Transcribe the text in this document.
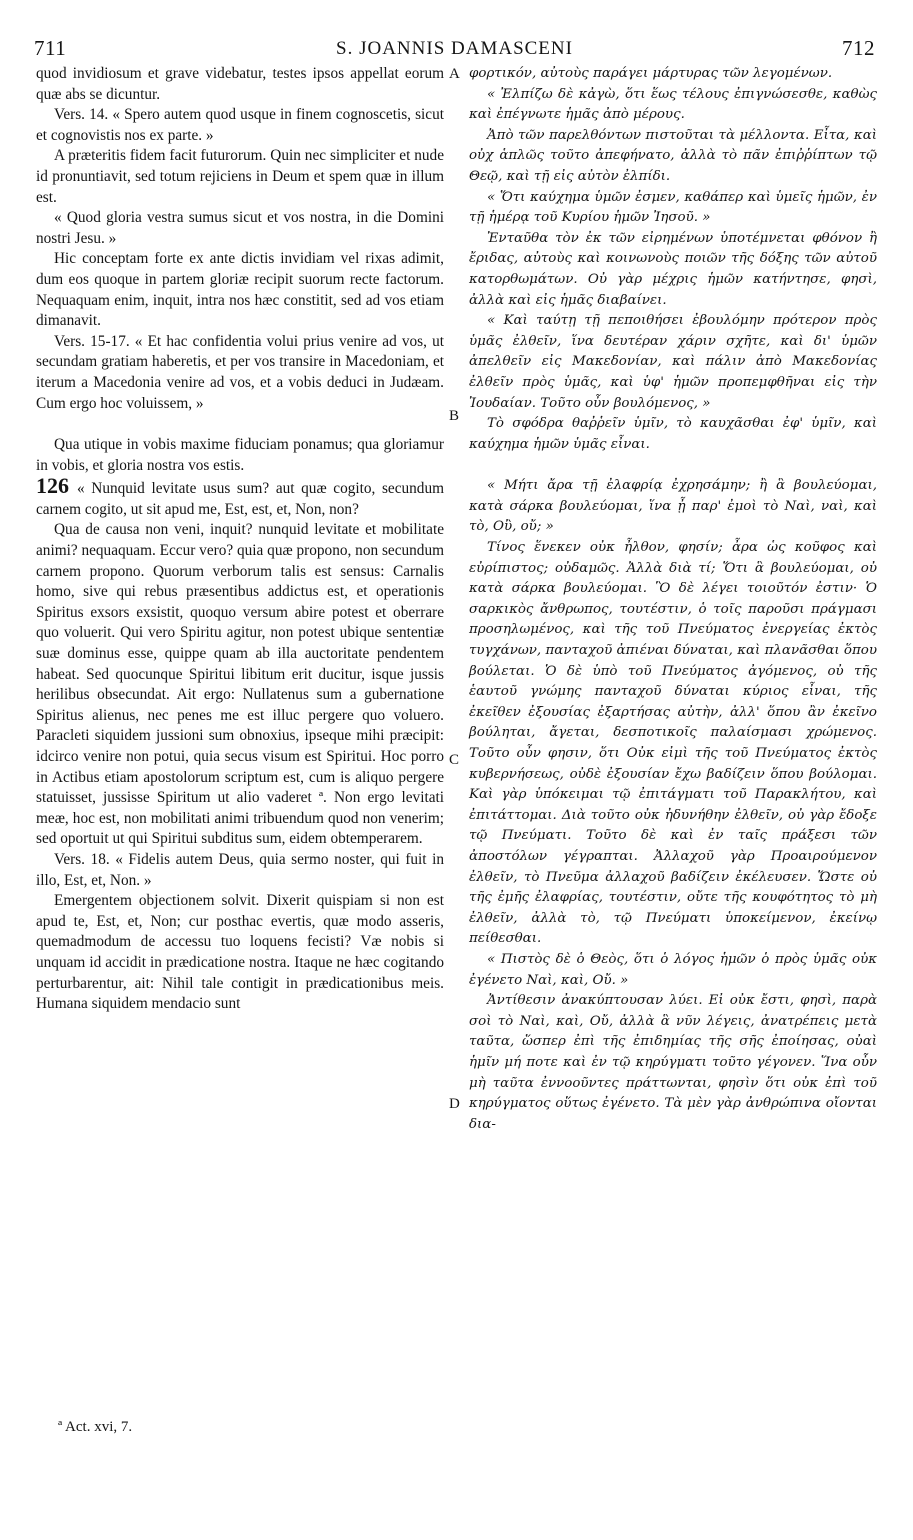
711	S. JOANNIS DAMASCENI	712

quod invidiosum et grave videbatur, testes ipsos appellat eorum quæ abs se dicuntur.

Vers. 14. « Spero autem quod usque in finem cognoscetis, sicut et cognovistis nos ex parte. »

A præteritis fidem facit futurorum. Quin nec simpliciter et nude id pronuntiavit, sed totum rejiciens in Deum et spem quæ in illum est.

« Quod gloria vestra sumus sicut et vos nostra, in die Domini nostri Jesu. »

Hic conceptam forte ex ante dictis invidiam vel rixas adimit, dum eos quoque in partem gloriæ recipit suorum recte factorum. Nequaquam enim, inquit, intra nos hæc constitit, sed ad vos etiam dimanavit.

Vers. 15-17. « Et hac confidentia volui prius venire ad vos, ut secundam gratiam haberetis, et per vos transire in Macedoniam, et iterum a Macedonia venire ad vos, et a vobis deduci in Judæam. Cum ergo hoc voluissem, »

Qua utique in vobis maxime fiduciam ponamus; qua gloriamur in vobis, et gloria nostra vos estis.

126 « Nunquid levitate usus sum? aut quæ cogito, secundum carnem cogito, ut sit apud me, Est, est, et, Non, non?

Qua de causa non veni, inquit? nunquid levitate et mobilitate animi? nequaquam. Eccur vero? quia quæ propono, non secundum carnem propono. Quorum verborum talis est sensus: Carnalis homo, sive qui rebus præsentibus addictus est, et operationis Spiritus exsors exsistit, quoquo versum abire potest et oberrare quo voluerit. Qui vero Spiritu agitur, non potest ubique sententiæ suæ dominus esse, quippe quam ab illa auctoritate pendentem habeat. Sed quocunque Spiritui libitum erit ducitur, isque jussis herilibus obsecundat. Ait ergo: Nullatenus sum a gubernatione Spiritus alienus, nec penes me est illuc pergere quo voluero. Paracleti siquidem jussioni sum obnoxius, ipseque mihi præcipit: idcirco venire non potui, quia secus visum est Spiritui. Hoc porro in Actibus etiam apostolorum scriptum est, cum is aliquo pergere statuisset, jussisse Spiritum ut alio vaderet ª. Non ergo levitati meæ, hoc est, non mobilitati animi tribuendum quod non venerim; sed oportuit ut qui Spiritui subditus sum, eidem obtemperarem.

Vers. 18. « Fidelis autem Deus, quia sermo noster, qui fuit in illo, Est, et, Non. »

Emergentem objectionem solvit. Dixerit quispiam si non est apud te, Est, et, Non; cur posthac evertis, quæ modo asseris, quemadmodum de accessu tuo loquens fecisti? Væ nobis si unquam id accidit in prædicatione nostra. Itaque ne hæc cogitando perturbarentur, ait: Nihil tale contigit in prædicationibus meis. Humana siquidem mendacio sunt

A
B
C
D

φορτικόν, αὐτοὺς παράγει μάρτυρας τῶν λεγομένων.

« Ἐλπίζω δὲ κἀγὼ, ὅτι ἕως τέλους ἐπιγνώσεσθε, καθὼς καὶ ἐπέγνωτε ἡμᾶς ἀπὸ μέρους.

Ἀπὸ τῶν παρελθόντων πιστοῦται τὰ μέλλοντα. Εἶτα, καὶ οὐχ ἁπλῶς τοῦτο ἀπεφήνατο, ἀλλὰ τὸ πᾶν ἐπιῤῥίπτων τῷ Θεῷ, καὶ τῇ εἰς αὐτὸν ἐλπίδι.

« Ὅτι καύχημα ὑμῶν ἐσμεν, καθάπερ καὶ ὑμεῖς ἡμῶν, ἐν τῇ ἡμέρᾳ τοῦ Κυρίου ἡμῶν Ἰησοῦ. »

Ἐνταῦθα τὸν ἐκ τῶν εἰρημένων ὑποτέμνεται φθόνον ἢ ἔριδας, αὐτοὺς καὶ κοινωνοὺς ποιῶν τῆς δόξης τῶν αὐτοῦ κατορθωμάτων. Οὐ γὰρ μέχρις ἡμῶν κατήντησε, φησὶ, ἀλλὰ καὶ εἰς ἡμᾶς διαβαίνει.

« Καὶ ταύτῃ τῇ πεποιθήσει ἐβουλόμην πρότερον πρὸς ὑμᾶς ἐλθεῖν, ἵνα δευτέραν χάριν σχῆτε, καὶ δι' ὑμῶν ἀπελθεῖν εἰς Μακεδονίαν, καὶ πάλιν ἀπὸ Μακεδονίας ἐλθεῖν πρὸς ὑμᾶς, καὶ ὑφ' ἡμῶν προπεμφθῆναι εἰς τὴν Ἰουδαίαν. Τοῦτο οὖν βουλόμενος, »

Τὸ σφόδρα θαῤῥεῖν ὑμῖν, τὸ καυχᾶσθαι ἐφ' ὑμῖν, καὶ καύχημα ἡμῶν ὑμᾶς εἶναι.

« Μήτι ἄρα τῇ ἐλαφρίᾳ ἐχρησάμην; ἢ ἃ βουλεύομαι, κατὰ σάρκα βουλεύομαι, ἵνα ᾖ παρ' ἐμοὶ τὸ Ναὶ, ναὶ, καὶ τὸ, Οὒ, οὔ; »

Τίνος ἕνεκεν οὐκ ἦλθον, φησίν; ἆρα ὡς κοῦφος καὶ εὐρίπιστος; οὐδαμῶς. Ἀλλὰ διὰ τί; Ὅτι ἃ βουλεύομαι, οὐ κατὰ σάρκα βουλεύομαι. Ὃ δὲ λέγει τοιοῦτόν ἐστιν· Ὁ σαρκικὸς ἄνθρωπος, τουτέστιν, ὁ τοῖς παροῦσι πράγμασι προσηλωμένος, καὶ τῆς τοῦ Πνεύματος ἐνεργείας ἐκτὸς τυγχάνων, πανταχοῦ ἀπιέναι δύναται, καὶ πλανᾶσθαι ὅπου βούλεται. Ὁ δὲ ὑπὸ τοῦ Πνεύματος ἀγόμενος, οὐ τῆς ἑαυτοῦ γνώμης πανταχοῦ δύναται κύριος εἶναι, τῆς ἐκεῖθεν ἐξουσίας ἐξαρτήσας αὐτὴν, ἀλλ' ὅπου ἂν ἐκεῖνο βούληται, ἄγεται, δεσποτικοῖς παλαίσμασι χρώμενος. Τοῦτο οὖν φησιν, ὅτι Οὐκ εἰμὶ τῆς τοῦ Πνεύματος ἐκτὸς κυβερνήσεως, οὐδὲ ἐξουσίαν ἔχω βαδίζειν ὅπου βούλομαι. Καὶ γὰρ ὑπόκειμαι τῷ ἐπιτάγματι τοῦ Παρακλήτου, καὶ ἐπιτάττομαι. Διὰ τοῦτο οὐκ ἠδυνήθην ἐλθεῖν, οὐ γὰρ ἔδοξε τῷ Πνεύματι. Τοῦτο δὲ καὶ ἐν ταῖς πράξεσι τῶν ἀποστόλων γέγραπται. Ἀλλαχοῦ γὰρ Προαιρούμενον ἐλθεῖν, τὸ Πνεῦμα ἀλλαχοῦ βαδίζειν ἐκέλευσεν. Ὥστε οὐ τῆς ἐμῆς ἐλαφρίας, τουτέστιν, οὔτε τῆς κουφότητος τὸ μὴ ἐλθεῖν, ἀλλὰ τὸ, τῷ Πνεύματι ὑποκείμενον, ἐκείνῳ πείθεσθαι.

« Πιστὸς δὲ ὁ Θεὸς, ὅτι ὁ λόγος ἡμῶν ὁ πρὸς ὑμᾶς οὐκ ἐγένετο Ναὶ, καὶ, Οὔ. »

Ἀντίθεσιν ἀνακύπτουσαν λύει. Εἰ οὐκ ἔστι, φησὶ, παρὰ σοὶ τὸ Ναὶ, καὶ, Οὔ, ἀλλὰ ἃ νῦν λέγεις, ἀνατρέπεις μετὰ ταῦτα, ὥσπερ ἐπὶ τῆς ἐπιδημίας τῆς σῆς ἐποίησας, οὐαὶ ἡμῖν μή ποτε καὶ ἐν τῷ κηρύγματι τοῦτο γέγονεν. Ἵνα οὖν μὴ ταῦτα ἐννοοῦντες πράττωνται, φησὶν ὅτι οὐκ ἐπὶ τοῦ κηρύγματος οὕτως ἐγένετο. Τὰ μὲν γὰρ ἀνθρώπινα οἴονται δια-

ª Act. xvi, 7.
